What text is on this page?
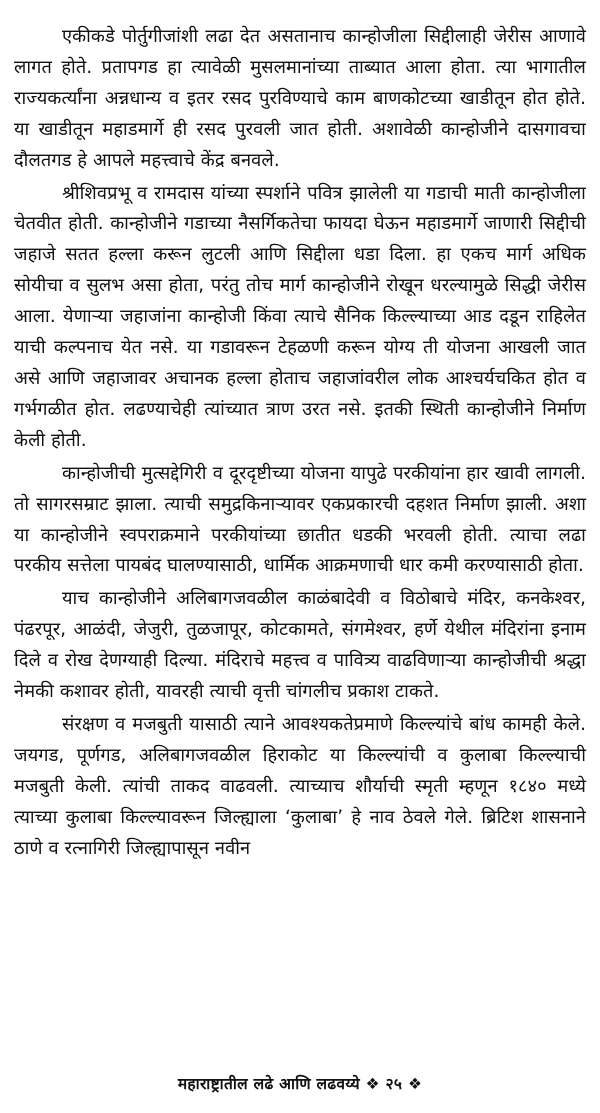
एकीकडे पोर्तुगीजांशी लढा देत असतानाच कान्होजीला सिद्दीलाही जेरीस आणावे लागत होते. प्रतापगड हा त्यावेळी मुसलमानांच्या ताब्यात आला होता. त्या भागातील राज्यकर्त्यांना अन्नधान्य व इतर रसद पुरविण्याचे काम बाणकोटच्या खाडीतून होत होते. या खाडीतून महाडमार्गे ही रसद पुरवली जात होती. अशावेळी कान्होजीने दासगावचा दौलतगड हे आपले महत्त्वाचे केंद्र बनवले.

श्रीशिवप्रभू व रामदास यांच्या स्पर्शाने पवित्र झालेली या गडाची माती कान्होजीला चेतवीत होती. कान्होजीने गडाच्या नैसर्गिकतेचा फायदा घेऊन महाडमार्गे जाणारी सिद्दीची जहाजे सतत हल्ला करून लुटली आणि सिद्दीला धडा दिला. हा एकच मार्ग अधिक सोयीचा व सुलभ असा होता, परंतु तोच मार्ग कान्होजीने रोखून धरल्यामुळे सिद्धी जेरीस आला. येणाऱ्या जहाजांना कान्होजी किंवा त्याचे सैनिक किल्ल्याच्या आड दडून राहिलेत याची कल्पनाच येत नसे. या गडावरून टेहळणी करून योग्य ती योजना आखली जात असे आणि जहाजावर अचानक हल्ला होताच जहाजांवरील लोक आश्चर्यचकित होत व गर्भगळीत होत. लढण्याचेही त्यांच्यात त्राण उरत नसे. इतकी स्थिती कान्होजीने निर्माण केली होती.

कान्होजीची मुत्सद्देगिरी व दूरदृष्टीच्या योजना यापुढे परकीयांना हार खावी लागली. तो सागरसम्राट झाला. त्याची समुद्रकिनाऱ्यावर एकप्रकारची दहशत निर्माण झाली. अशा या कान्होजीने स्वपराक्रमाने परकीयांच्या छातीत धडकी भरवली होती. त्याचा लढा परकीय सत्तेला पायबंद घालण्यासाठी, धार्मिक आक्रमणाची धार कमी करण्यासाठी होता.

याच कान्होजीने अलिबागजवळील काळंबादेवी व विठोबाचे मंदिर, कनकेश्वर, पंढरपूर, आळंदी, जेजुरी, तुळजापूर, कोटकामते, संगमेश्वर, हर्णे येथील मंदिरांना इनाम दिले व रोख देणग्याही दिल्या. मंदिराचे महत्त्व व पावित्र्य वाढविणाऱ्या कान्होजीची श्रद्धा नेमकी कशावर होती, यावरही त्याची वृत्ती चांगलीच प्रकाश टाकते.

संरक्षण व मजबुती यासाठी त्याने आवश्यकतेप्रमाणे किल्ल्यांचे बांध कामही केले. जयगड, पूर्णगड, अलिबागजवळील हिराकोट या किल्ल्यांची व कुलाबा किल्ल्याची मजबुती केली. त्यांची ताकद वाढवली. त्याच्याच शौर्याची स्मृती म्हणून १८४० मध्ये त्याच्या कुलाबा किल्ल्यावरून जिल्ह्याला ‘कुलाबा’ हे नाव ठेवले गेले. ब्रिटिश शासनाने ठाणे व रत्नागिरी जिल्ह्यापासून नवीन

महाराष्ट्रातील लढे आणि लढवय्ये ❖ २५ ❖
